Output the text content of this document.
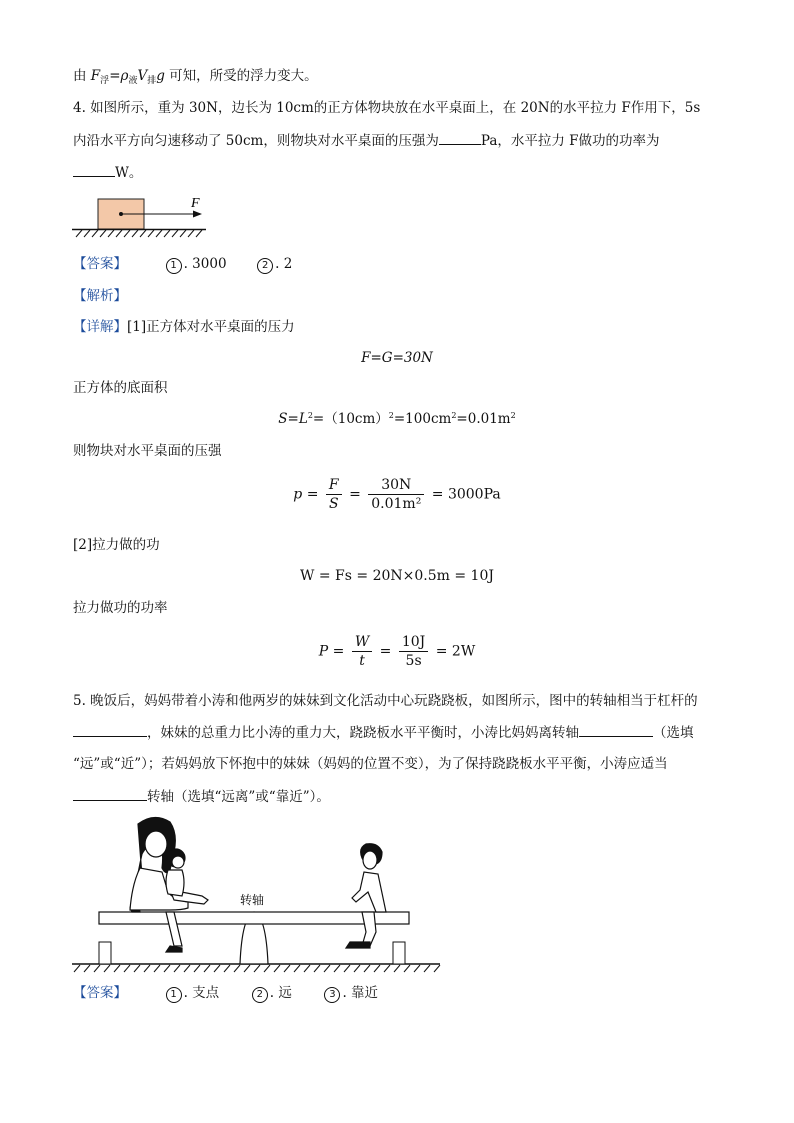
由 $F_浮=\rho_液V_排g$ 可知，所受的浮力变大。
4. 如图所示，重为 30N，边长为 10cm的正方体物块放在水平桌面上，在 20N的水平拉力 F作用下，5s
内沿水平方向匀速移动了 50cm，则物块对水平桌面的压强为	Pa，水平拉力 F做功的功率为
W。
F
【答案】	1 . 3000	2 . 2
【解析】
【详解】[1]正方体对水平桌面的压力
F=G=30N
正方体的底面积
$S=L^2=(10cm)^2=100cm^2=0.01m^2$
则物块对水平桌面的压强
$p = \frac{F}{S} = \frac{30N}{\text{0.01m²}} = 3000Pa$
[2]拉力做的功
W = Fs = 20N×0.5m = 10J
拉力做功的功率
$P = \frac{W}{t} = \frac{10J}{5s} = 2W$
5. 晚饭后，妈妈带着小涛和他两岁的妹妹到文化活动中心玩跷跷板，如图所示，图中的转轴相当于杠杆的
，妹妹的总重力比小涛的重力大，跷跷板水平平衡时，小涛比妈妈离转轴	（选填
“远”或“近”）；若妈妈放下怀抱中的妹妹（妈妈的位置不变），为了保持跷跷板水平平衡，小涛应适当
转轴（选填“远离”或“靠近”）。
转轴
【答案】	1 . 支点	2 . 远	3 . 靠近
